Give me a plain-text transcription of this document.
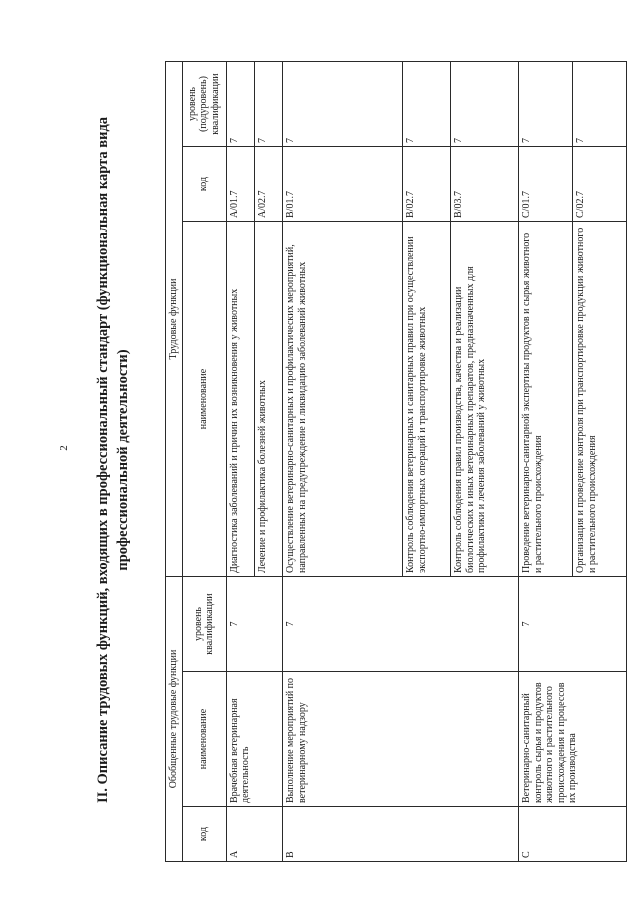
2 II. Описание трудовых функций, входящих в профессиональный стандарт (функциональная карта вида профессиональной деятельности)
Обобщенные трудовые функции			Трудовые функции		
код	наименование	уровень квалификации	наименование	код	уровень (подуровень) квалификации
A	Врачебная ветеринарная деятельность	7	Диагностика заболеваний и причин их возникновения у животных	A/01.7	7
			Лечение и профилактика болезней животных	A/02.7	7
B	Выполнение мероприятий по ветеринарному надзору	7	Осуществление ветеринарно-санитарных и профилактических мероприятий, направленных на предупреждение и ликвидацию заболеваний животных	B/01.7	7
			Контроль соблюдения ветеринарных и санитарных правил при осуществлении экспортно-импортных операций и транспортировке животных	B/02.7	7
			Контроль соблюдения правил производства, качества и реализации биологических и иных ветеринарных препаратов, предназначенных для профилактики и лечения заболеваний у животных	B/03.7	7
C	Ветеринарно-санитарный контроль сырья и продуктов животного и растительного происхождения и процессов их производства	7	Проведение ветеринарно-санитарной экспертизы продуктов и сырья животного и растительного происхождения	C/01.7	7
			Организация и проведение контроля при транспортировке продукции животного и растительного происхождения	C/02.7	7
